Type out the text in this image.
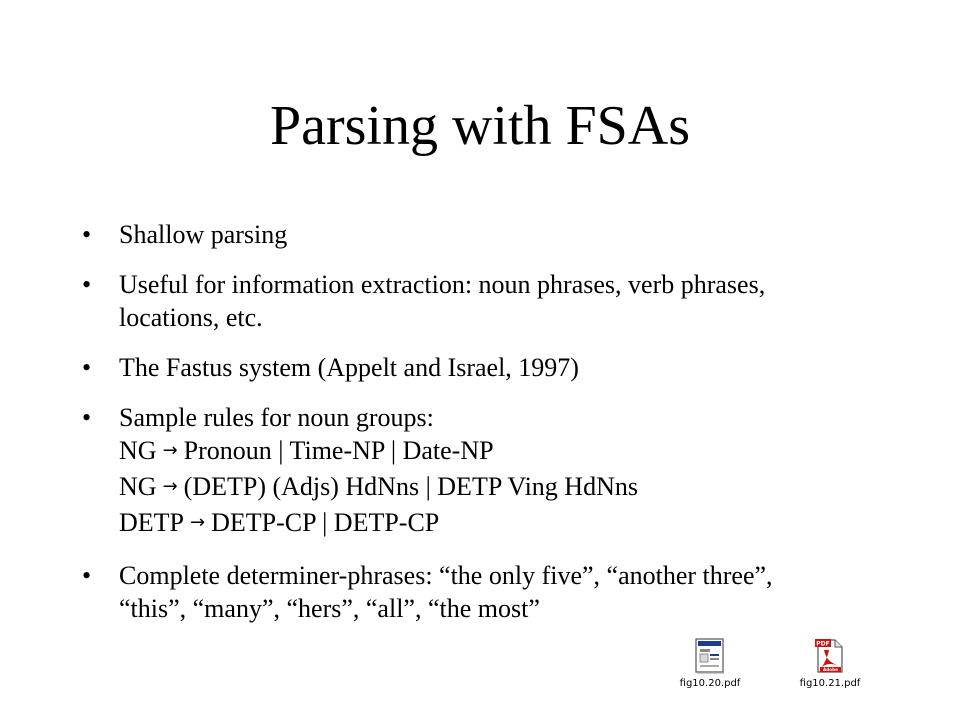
Parsing with FSAs
• Shallow parsing
• Useful for information extraction: noun phrases, verb phrases, locations, etc.
• The Fastus system (Appelt and Israel, 1997)
• Sample rules for noun groups:
NG → Pronoun | Time-NP | Date-NP
NG → (DETP) (Adjs) HdNns | DETP Ving HdNns
DETP → DETP-CP | DETP-CP
• Complete determiner-phrases: “the only five”, “another three”, “this”, “many”, “hers”, “all”, “the most”
fig10.20.pdf
PDF
Adobe
fig10.21.pdf
